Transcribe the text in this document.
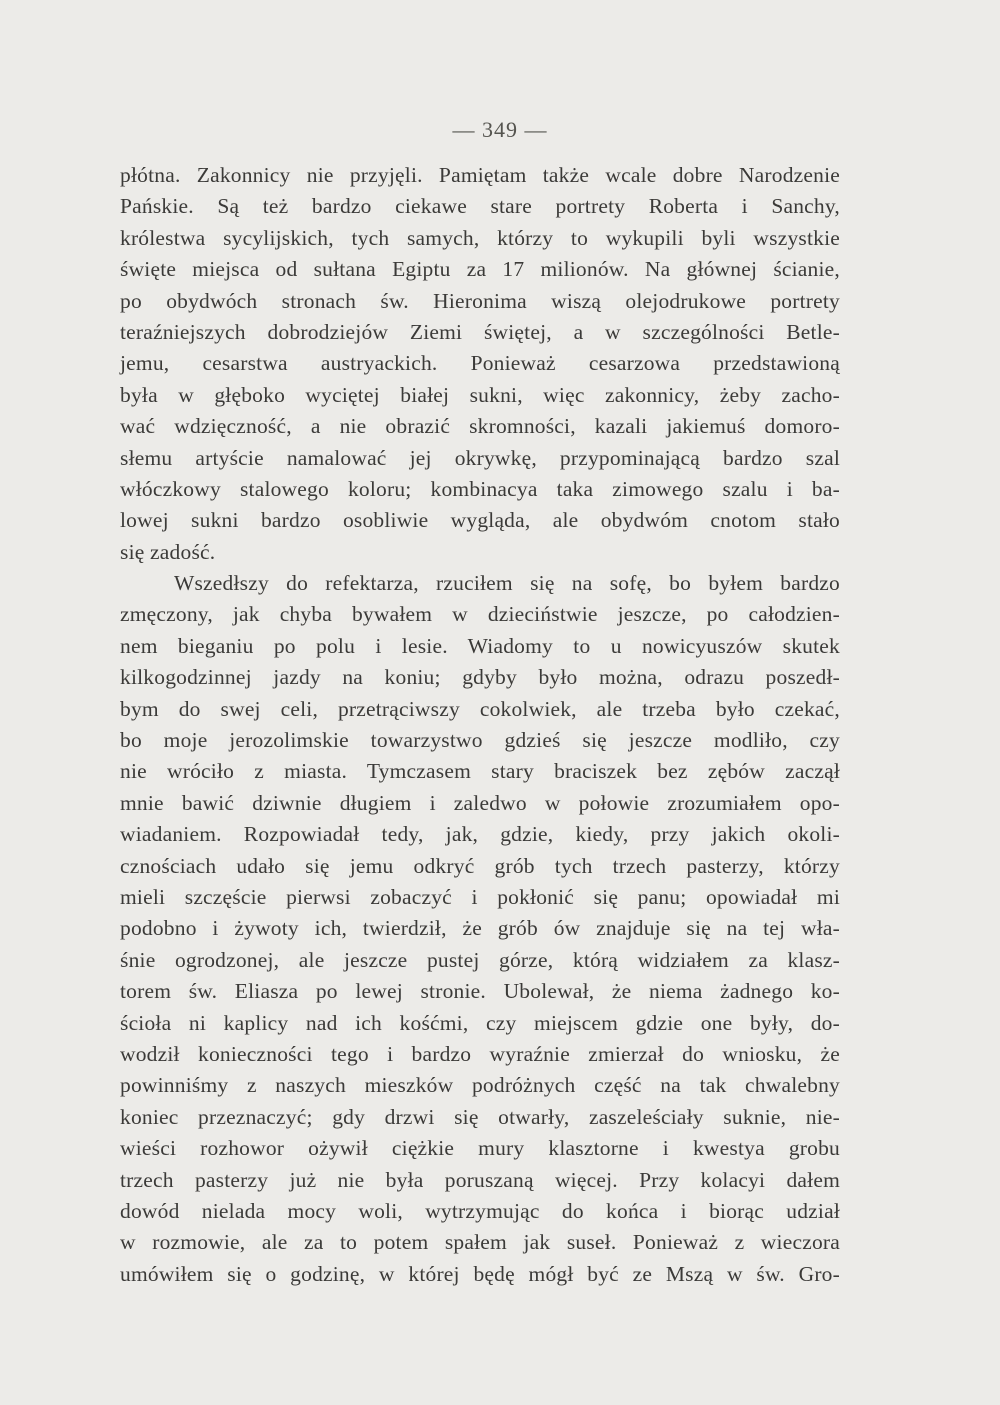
— 349 —
płótna. Zakonnicy nie przyjęli. Pamiętam także wcale dobre Narodzenie
Pańskie. Są też bardzo ciekawe stare portrety Roberta i Sanchy,
królestwa sycylijskich, tych samych, którzy to wykupili byli wszystkie
święte miejsca od sułtana Egiptu za 17 milionów. Na głównej ścianie,
po obydwóch stronach św. Hieronima wiszą olejodrukowe portrety
teraźniejszych dobrodziejów Ziemi świętej, a w szczególności Betle-
jemu, cesarstwa austryackich. Ponieważ cesarzowa przedstawioną
była w głęboko wyciętej białej sukni, więc zakonnicy, żeby zacho-
wać wdzięczność, a nie obrazić skromności, kazali jakiemuś domoro-
słemu artyście namalować jej okrywkę, przypominającą bardzo szal
włóczkowy stalowego koloru; kombinacya taka zimowego szalu i ba-
lowej sukni bardzo osobliwie wygląda, ale obydwóm cnotom stało
się zadość.
Wszedłszy do refektarza, rzuciłem się na sofę, bo byłem bardzo
zmęczony, jak chyba bywałem w dzieciństwie jeszcze, po całodzien-
nem bieganiu po polu i lesie. Wiadomy to u nowicyuszów skutek
kilkogodzinnej jazdy na koniu; gdyby było można, odrazu poszedł-
bym do swej celi, przetrąciwszy cokolwiek, ale trzeba było czekać,
bo moje jerozolimskie towarzystwo gdzieś się jeszcze modliło, czy
nie wróciło z miasta. Tymczasem stary braciszek bez zębów zaczął
mnie bawić dziwnie długiem i zaledwo w połowie zrozumiałem opo-
wiadaniem. Rozpowiadał tedy, jak, gdzie, kiedy, przy jakich okoli-
cznościach udało się jemu odkryć grób tych trzech pasterzy, którzy
mieli szczęście pierwsi zobaczyć i pokłonić się panu; opowiadał mi
podobno i żywoty ich, twierdził, że grób ów znajduje się na tej wła-
śnie ogrodzonej, ale jeszcze pustej górze, którą widziałem za klasz-
torem św. Eliasza po lewej stronie. Ubolewał, że niema żadnego ko-
ścioła ni kaplicy nad ich kośćmi, czy miejscem gdzie one były, do-
wodził konieczności tego i bardzo wyraźnie zmierzał do wniosku, że
powinniśmy z naszych mieszków podróżnych część na tak chwalebny
koniec przeznaczyć; gdy drzwi się otwarły, zaszeleściały suknie, nie-
wieści rozhowor ożywił ciężkie mury klasztorne i kwestya grobu
trzech pasterzy już nie była poruszaną więcej. Przy kolacyi dałem
dowód nielada mocy woli, wytrzymując do końca i biorąc udział
w rozmowie, ale za to potem spałem jak suseł. Ponieważ z wieczora
umówiłem się o godzinę, w której będę mógł być ze Mszą w św. Gro-
